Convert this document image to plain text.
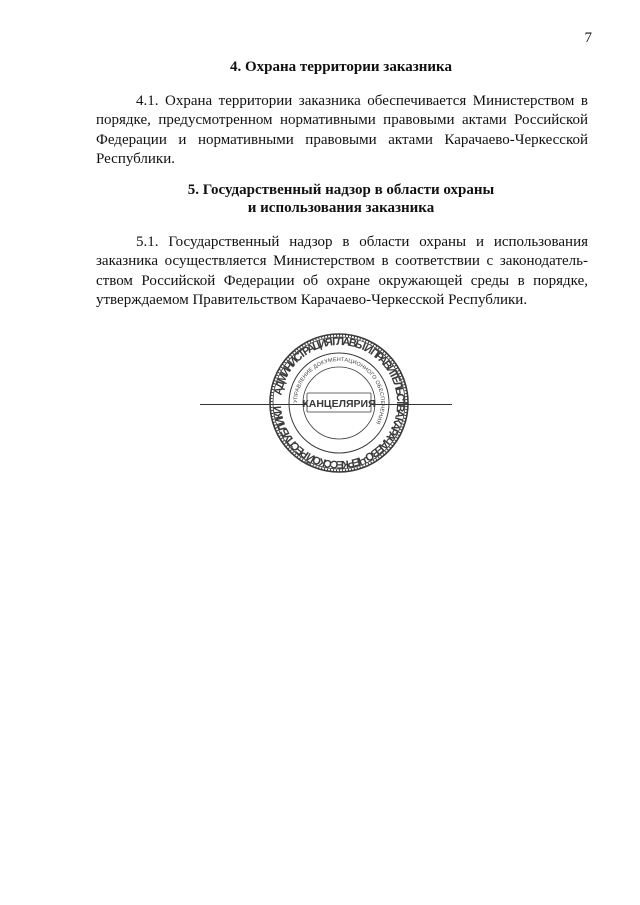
7
4. Охрана территории заказника

4.1. Охрана территории заказника обеспечивается Министерством в
порядке, предусмотренном нормативными правовыми актами Российской
Федерации и нормативными правовыми актами Карачаево-Черкесской
Республики.

5. Государственный надзор в области охраны
и использования заказника

5.1. Государственный надзор в области охраны и использования
заказника осуществляется Министерством в соответствии с законодатель-
ством Российской Федерации об охране окружающей среды в порядке,
утверждаемом Правительством Карачаево-Черкесской Республики.

АДМИНИСТРАЦИЯ ГЛАВЫ И ПРАВИТЕЛЬСТВА КАРАЧАЕВО-ЧЕРКЕССКОЙ РЕСПУБЛИКИ
УПРАВЛЕНИЕ ДОКУМЕНТАЦИОННОГО ОБЕСПЕЧЕНИЯ
КАНЦЕЛЯРИЯ
